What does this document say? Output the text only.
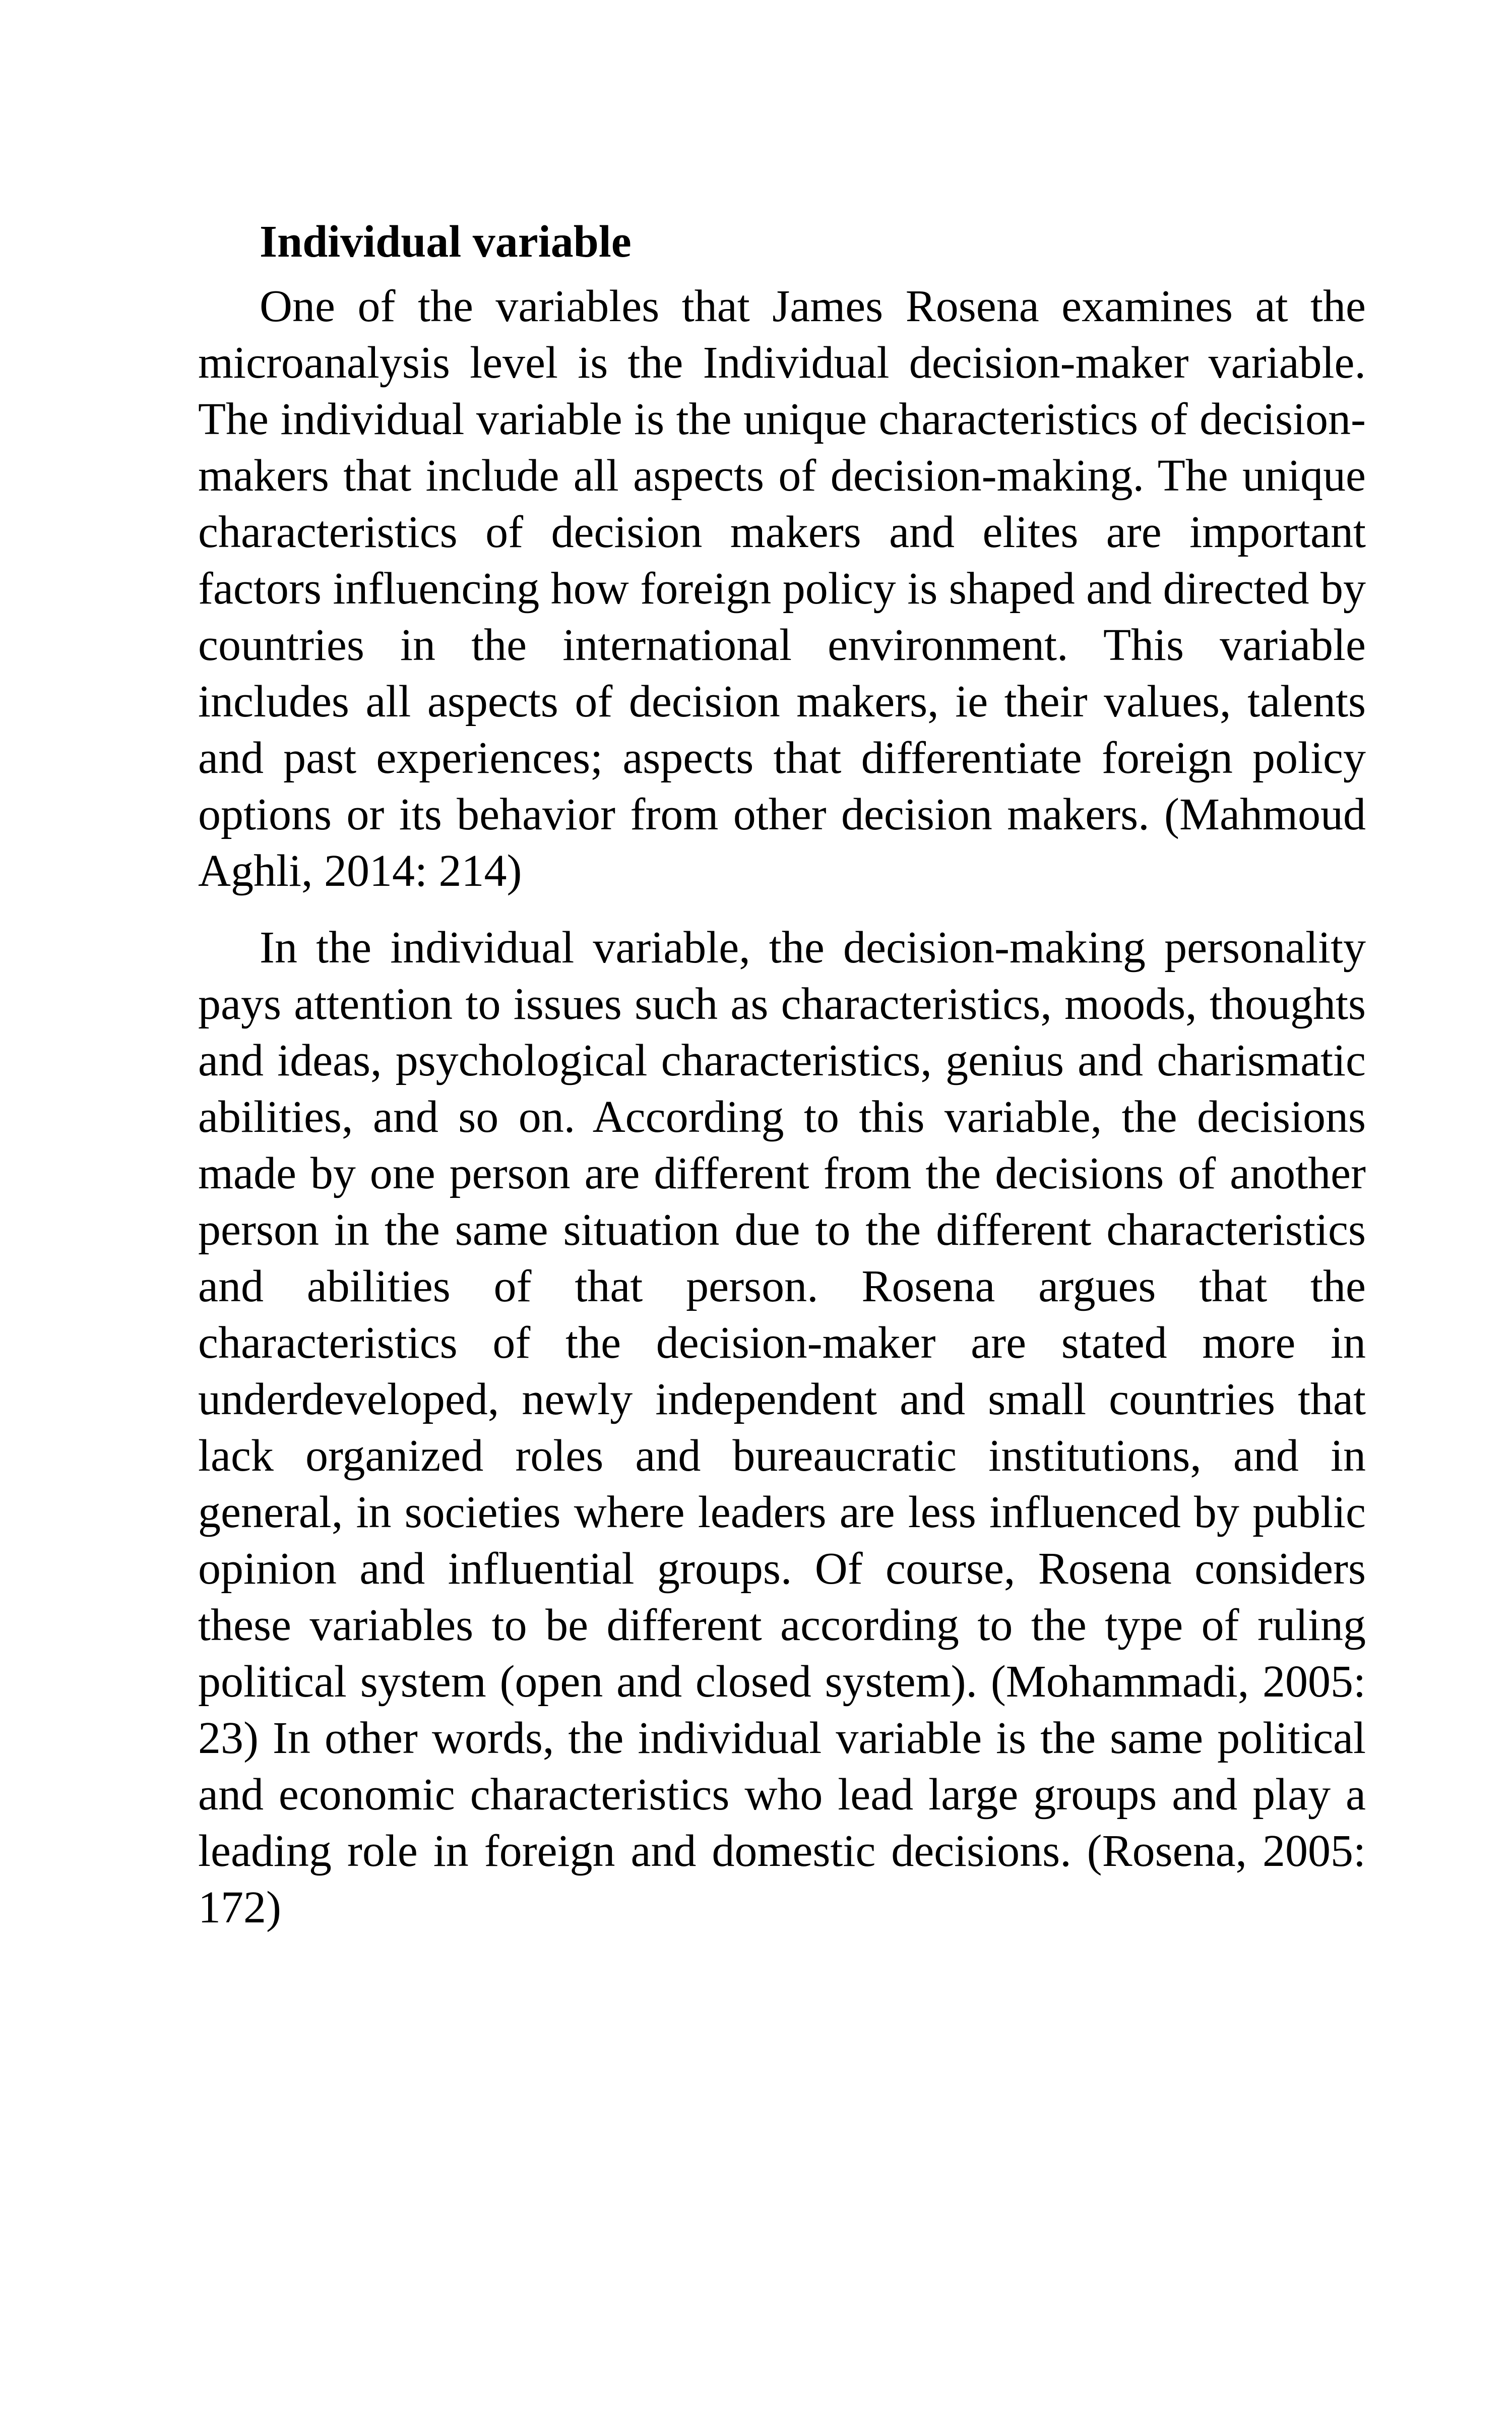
Individual variable

One of the variables that James Rosena examines at the microanalysis level is the Individual decision-maker variable. The individual variable is the unique characteristics of decision-makers that include all aspects of decision-making. The unique characteristics of decision makers and elites are important factors influencing how foreign policy is shaped and directed by countries in the international environment. This variable includes all aspects of decision makers, ie their values, talents and past experiences; aspects that differentiate foreign policy options or its behavior from other decision makers. (Mahmoud Aghli, 2014: 214)

In the individual variable, the decision-making personality pays attention to issues such as characteristics, moods, thoughts and ideas, psychological characteristics, genius and charismatic abilities, and so on. According to this variable, the decisions made by one person are different from the decisions of another person in the same situation due to the different characteristics and abilities of that person. Rosena argues that the characteristics of the decision-maker are stated more in underdeveloped, newly independent and small countries that lack organized roles and bureaucratic institutions, and in general, in societies where leaders are less influenced by public opinion and influential groups. Of course, Rosena considers these variables to be different according to the type of ruling political system (open and closed system). (Mohammadi, 2005: 23) In other words, the individual variable is the same political and economic characteristics who lead large groups and play a leading role in foreign and domestic decisions. (Rosena, 2005: 172)
